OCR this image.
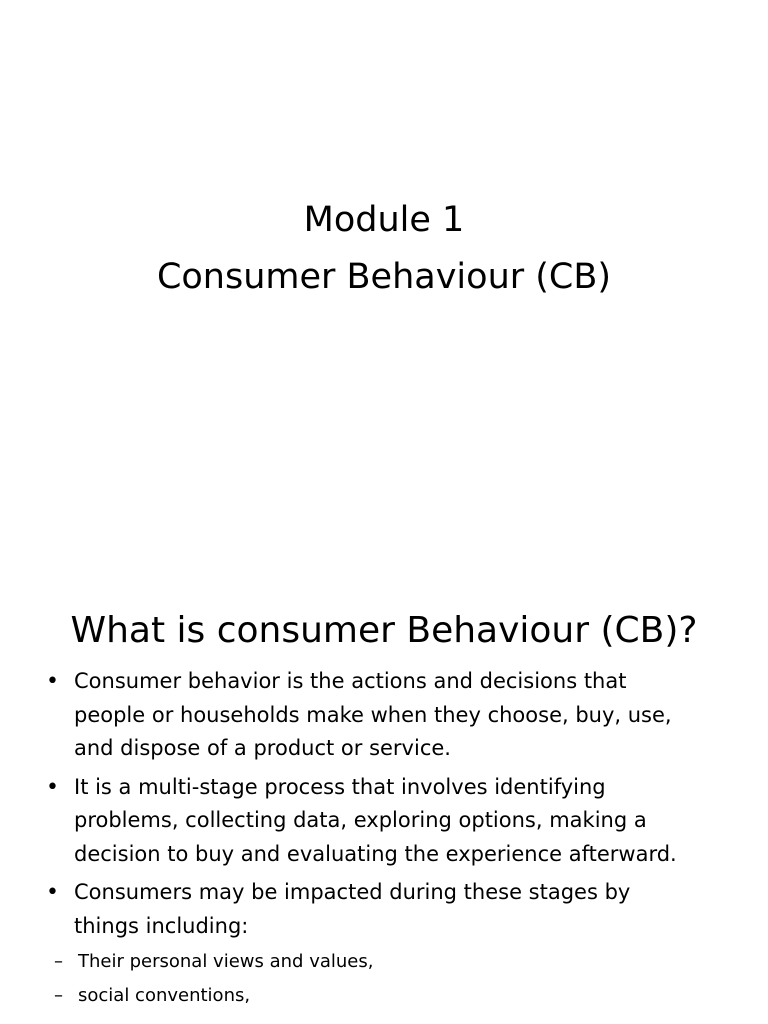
Module 1
Consumer Behaviour (CB)
What is consumer Behaviour (CB)?
• Consumer behavior is the actions and decisions that
people or households make when they choose, buy, use,
and dispose of a product or service.
• It is a multi-stage process that involves identifying
problems, collecting data, exploring options, making a
decision to buy and evaluating the experience afterward.
• Consumers may be impacted during these stages by
things including:
– Their personal views and values,
– social conventions,
